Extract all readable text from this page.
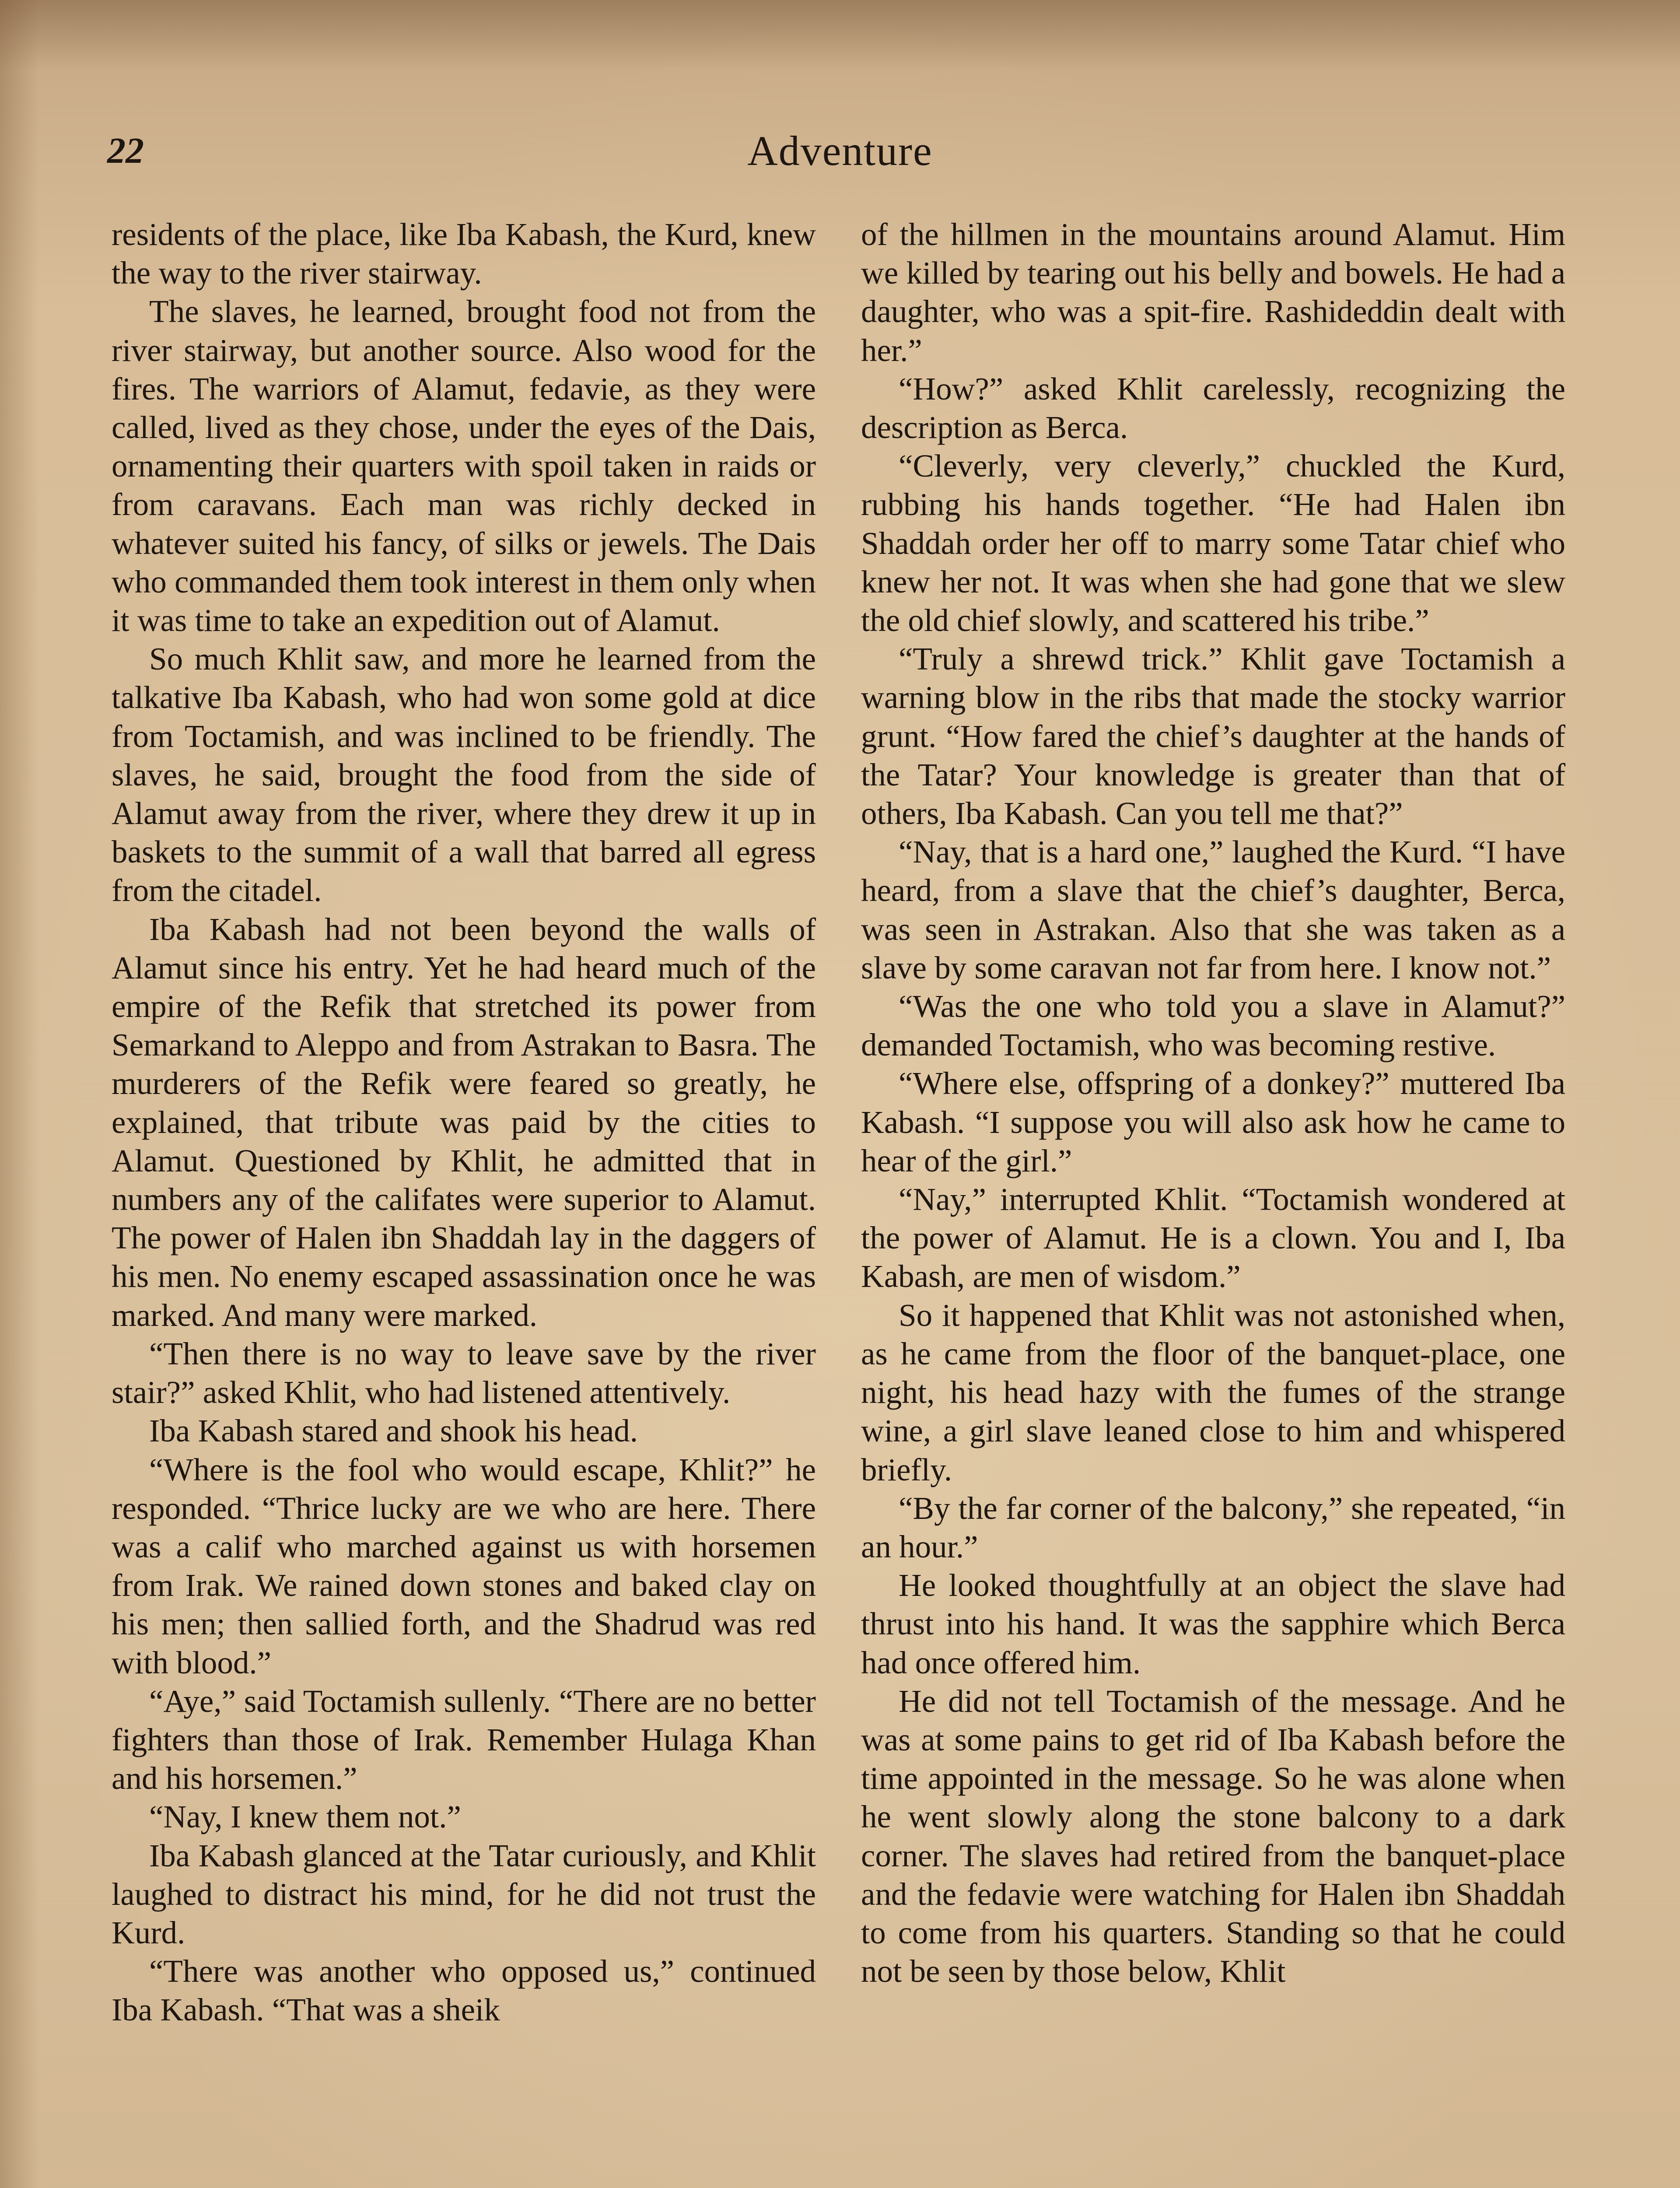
22	Adventure

residents of the place, like Iba Kabash, the Kurd, knew the way to the river stairway.

The slaves, he learned, brought food not from the river stairway, but another source. Also wood for the fires. The warriors of Alamut, fedavie, as they were called, lived as they chose, under the eyes of the Dais, ornamenting their quarters with spoil taken in raids or from caravans. Each man was richly decked in whatever suited his fancy, of silks or jewels. The Dais who commanded them took interest in them only when it was time to take an expedition out of Alamut.

So much Khlit saw, and more he learned from the talkative Iba Kabash, who had won some gold at dice from Toctamish, and was inclined to be friendly. The slaves, he said, brought the food from the side of Alamut away from the river, where they drew it up in baskets to the summit of a wall that barred all egress from the citadel.

Iba Kabash had not been beyond the walls of Alamut since his entry. Yet he had heard much of the empire of the Refik that stretched its power from Semarkand to Aleppo and from Astrakan to Basra. The murderers of the Refik were feared so greatly, he explained, that tribute was paid by the cities to Alamut. Questioned by Khlit, he admitted that in numbers any of the califates were superior to Alamut. The power of Halen ibn Shaddah lay in the daggers of his men. No enemy escaped assassination once he was marked. And many were marked.

“Then there is no way to leave save by the river stair?” asked Khlit, who had listened attentively.

Iba Kabash stared and shook his head.

“Where is the fool who would escape, Khlit?” he responded. “Thrice lucky are we who are here. There was a calif who marched against us with horsemen from Irak. We rained down stones and baked clay on his men; then sallied forth, and the Shadrud was red with blood.”

“Aye,” said Toctamish sullenly. “There are no better fighters than those of Irak. Remember Hulaga Khan and his horsemen.”

“Nay, I knew them not.”

Iba Kabash glanced at the Tatar curiously, and Khlit laughed to distract his mind, for he did not trust the Kurd.

“There was another who opposed us,” continued Iba Kabash. “That was a sheik

of the hillmen in the mountains around Alamut. Him we killed by tearing out his belly and bowels. He had a daughter, who was a spit-fire. Rashideddin dealt with her.”

“How?” asked Khlit carelessly, recognizing the description as Berca.

“Cleverly, very cleverly,” chuckled the Kurd, rubbing his hands together. “He had Halen ibn Shaddah order her off to marry some Tatar chief who knew her not. It was when she had gone that we slew the old chief slowly, and scattered his tribe.”

“Truly a shrewd trick.” Khlit gave Toctamish a warning blow in the ribs that made the stocky warrior grunt. “How fared the chief’s daughter at the hands of the Tatar? Your knowledge is greater than that of others, Iba Kabash. Can you tell me that?”

“Nay, that is a hard one,” laughed the Kurd. “I have heard, from a slave that the chief’s daughter, Berca, was seen in Astrakan. Also that she was taken as a slave by some caravan not far from here. I know not.”

“Was the one who told you a slave in Alamut?” demanded Toctamish, who was becoming restive.

“Where else, offspring of a donkey?” muttered Iba Kabash. “I suppose you will also ask how he came to hear of the girl.”

“Nay,” interrupted Khlit. “Toctamish wondered at the power of Alamut. He is a clown. You and I, Iba Kabash, are men of wisdom.”

So it happened that Khlit was not astonished when, as he came from the floor of the banquet-place, one night, his head hazy with the fumes of the strange wine, a girl slave leaned close to him and whispered briefly.

“By the far corner of the balcony,” she repeated, “in an hour.”

He looked thoughtfully at an object the slave had thrust into his hand. It was the sapphire which Berca had once offered him.

He did not tell Toctamish of the message. And he was at some pains to get rid of Iba Kabash before the time appointed in the message. So he was alone when he went slowly along the stone balcony to a dark corner. The slaves had retired from the banquet-place and the fedavie were watching for Halen ibn Shaddah to come from his quarters. Standing so that he could not be seen by those below, Khlit
